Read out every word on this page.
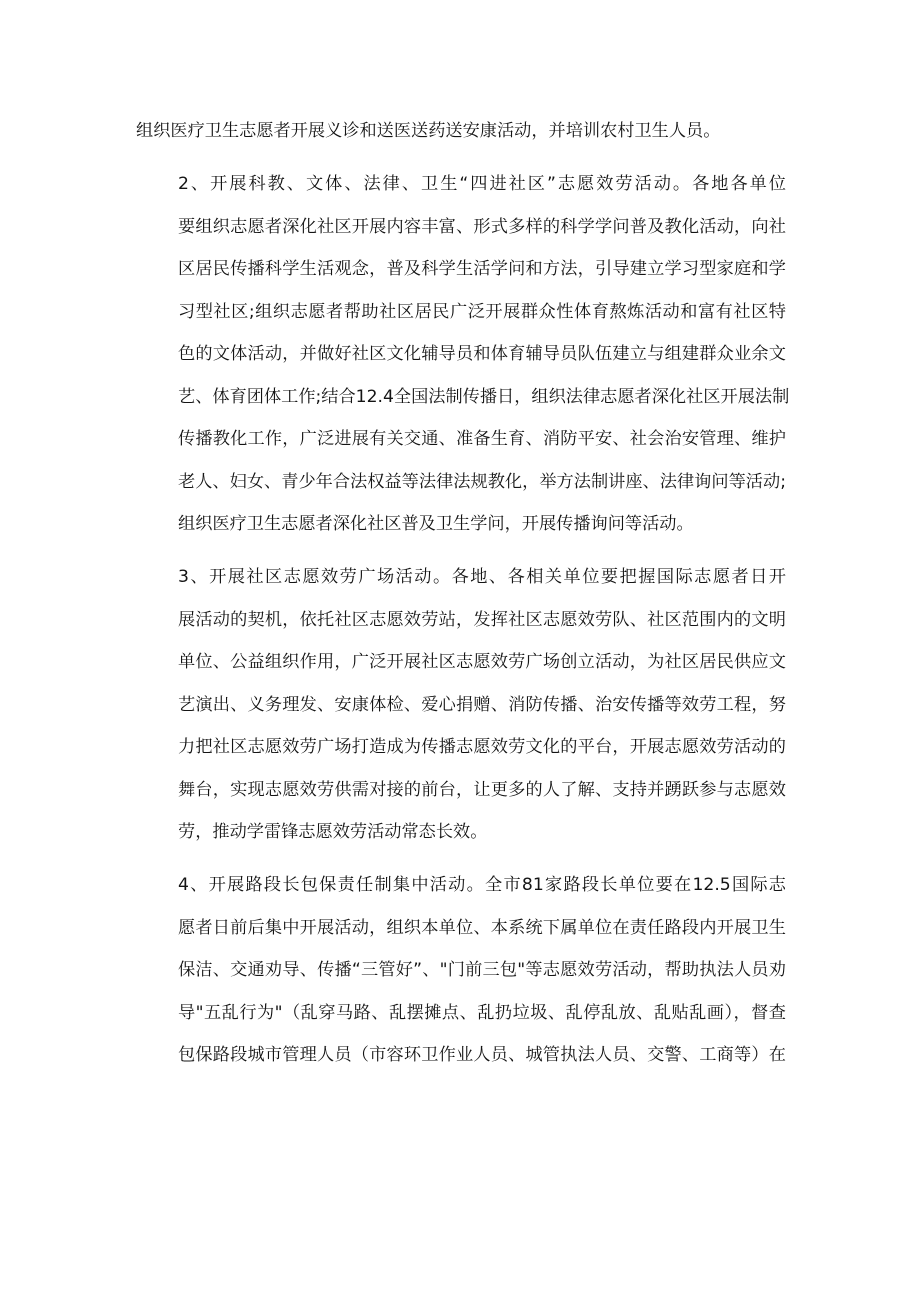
组织医疗卫生志愿者开展义诊和送医送药送安康活动，并培训农村卫生人员。

2、开展科教、文体、法律、卫生“四进社区”志愿效劳活动。各地各单位
要组织志愿者深化社区开展内容丰富、形式多样的科学学问普及教化活动，向社
区居民传播科学生活观念，普及科学生活学问和方法，引导建立学习型家庭和学
习型社区;组织志愿者帮助社区居民广泛开展群众性体育熬炼活动和富有社区特
色的文体活动，并做好社区文化辅导员和体育辅导员队伍建立与组建群众业余文
艺、体育团体工作;结合12.4全国法制传播日，组织法律志愿者深化社区开展法制
传播教化工作，广泛进展有关交通、准备生育、消防平安、社会治安管理、维护
老人、妇女、青少年合法权益等法律法规教化，举方法制讲座、法律询问等活动;
组织医疗卫生志愿者深化社区普及卫生学问，开展传播询问等活动。

3、开展社区志愿效劳广场活动。各地、各相关单位要把握国际志愿者日开
展活动的契机，依托社区志愿效劳站，发挥社区志愿效劳队、社区范围内的文明
单位、公益组织作用，广泛开展社区志愿效劳广场创立活动，为社区居民供应文
艺演出、义务理发、安康体检、爱心捐赠、消防传播、治安传播等效劳工程，努
力把社区志愿效劳广场打造成为传播志愿效劳文化的平台，开展志愿效劳活动的
舞台，实现志愿效劳供需对接的前台，让更多的人了解、支持并踴跃参与志愿效
劳，推动学雷锋志愿效劳活动常态长效。

4、开展路段长包保责任制集中活动。全市81家路段长单位要在12.5国际志
愿者日前后集中开展活动，组织本单位、本系统下属单位在责任路段内开展卫生
保洁、交通劝导、传播“三管好”、"门前三包"等志愿效劳活动，帮助执法人员劝
导"五乱行为"（乱穿马路、乱摆摊点、乱扔垃圾、乱停乱放、乱贴乱画），督查
包保路段城市管理人员（市容环卫作业人员、城管执法人员、交警、工商等）在
